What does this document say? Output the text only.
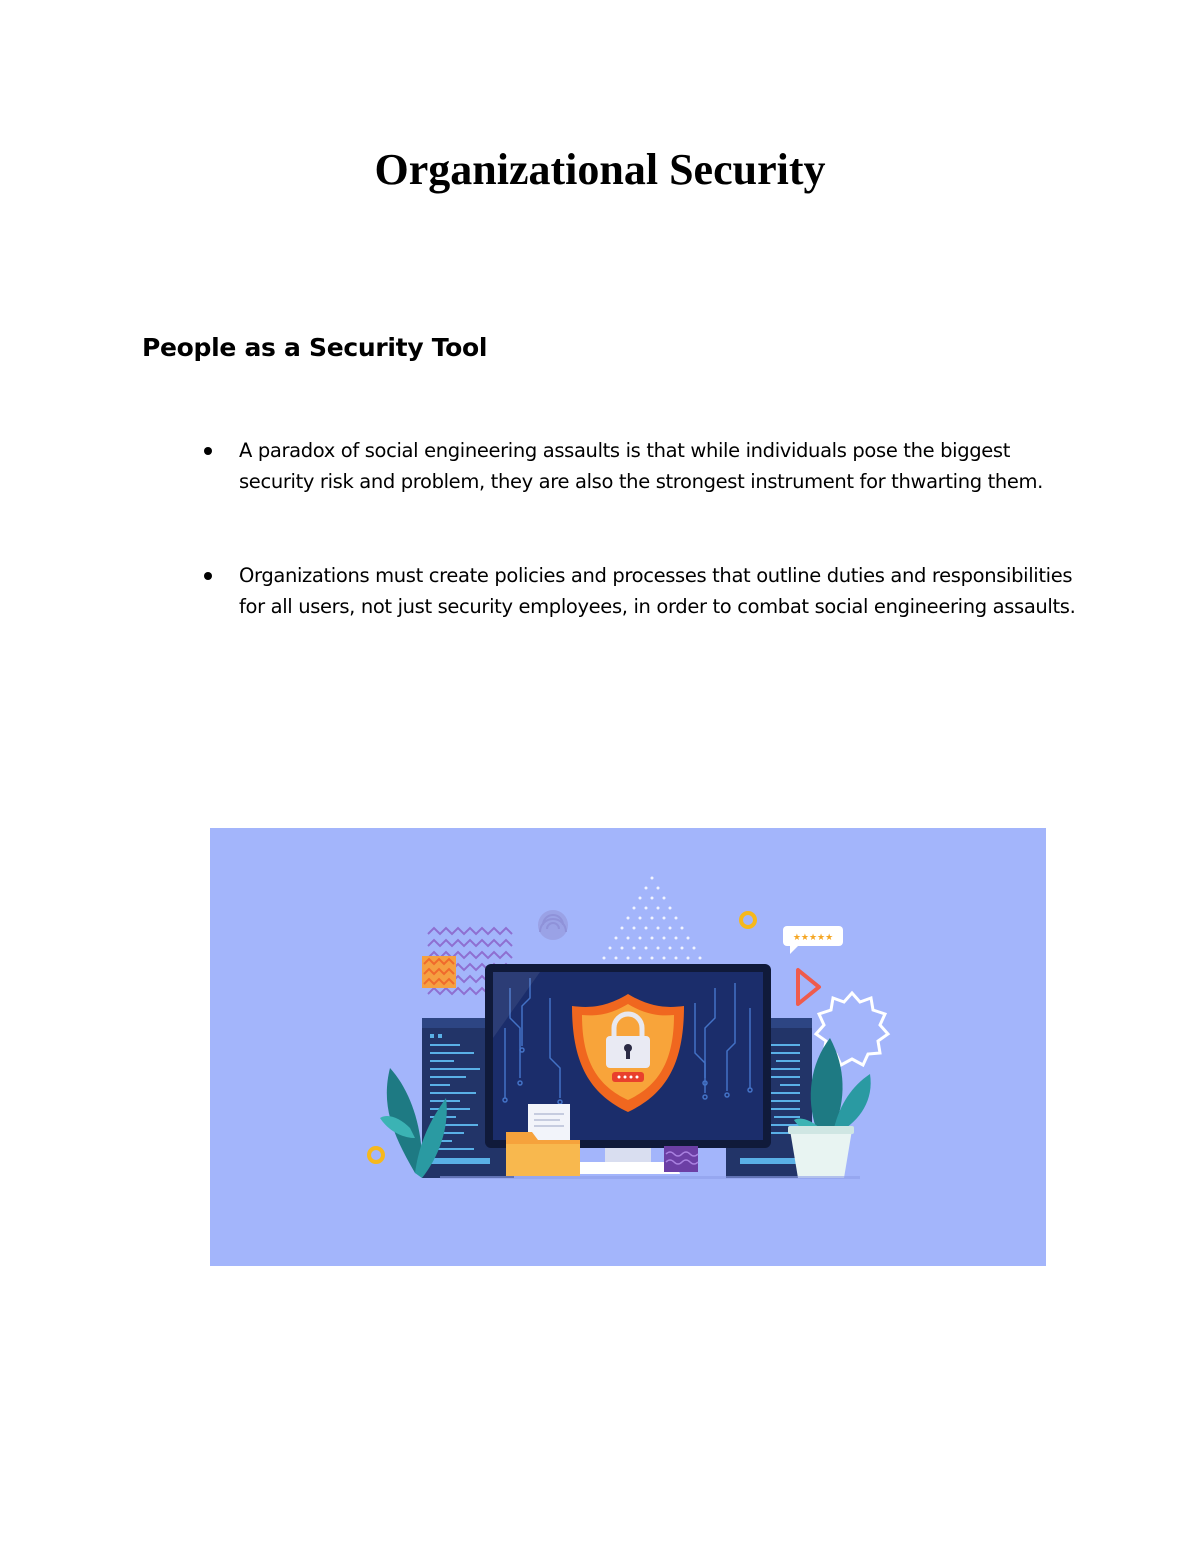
Organizational Security
People as a Security Tool
A paradox of social engineering assaults is that while individuals pose the biggest security risk and problem, they are also the strongest instrument for thwarting them.
Organizations must create policies and processes that outline duties and responsibilities for all users, not just security employees, in order to combat social engineering assaults.
★★★★★
